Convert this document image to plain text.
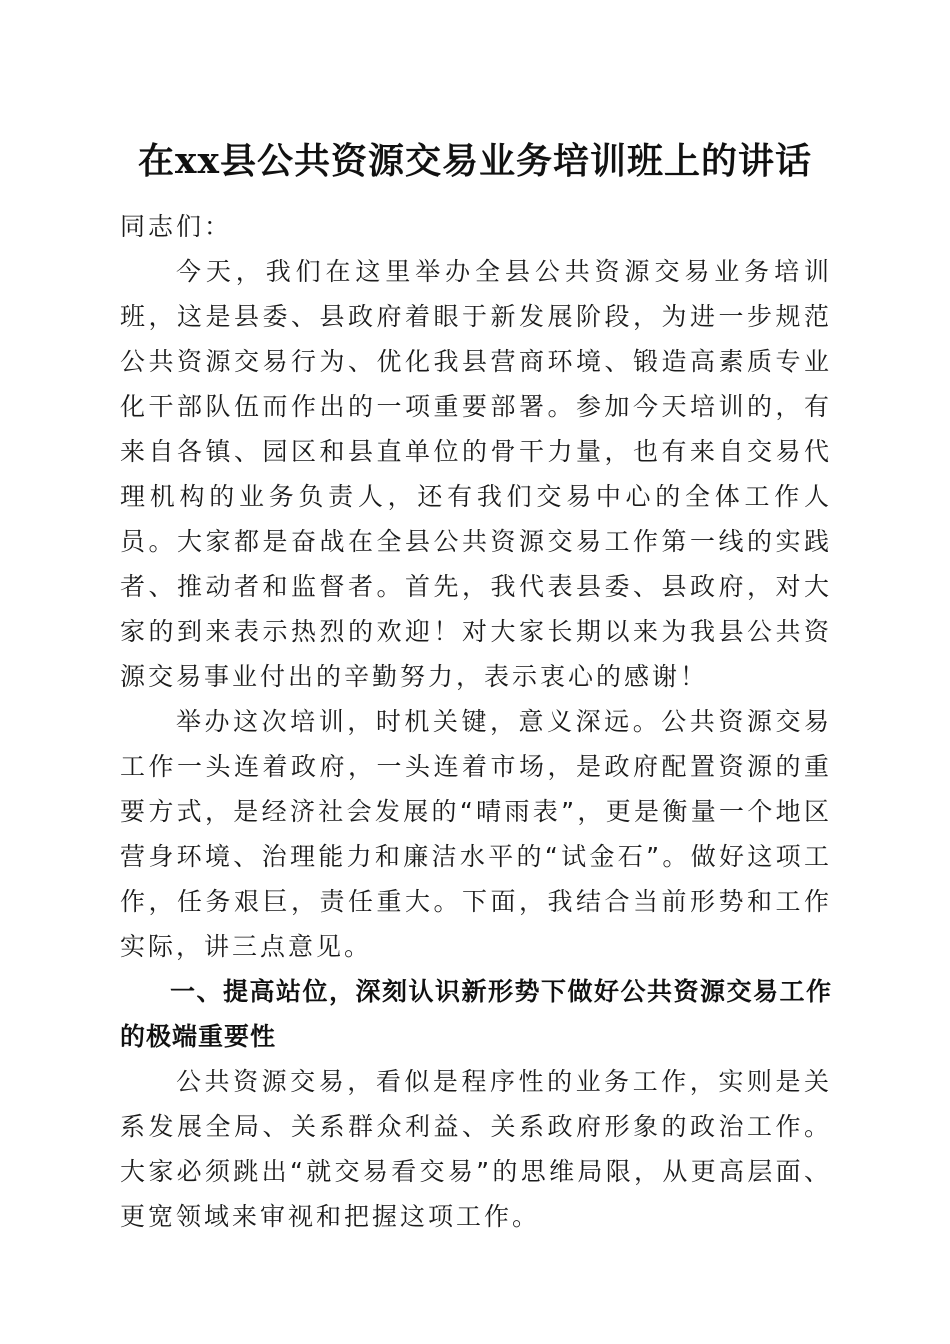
在xx县公共资源交易业务培训班上的讲话

同志们：

今天，我们在这里举办全县公共资源交易业务培训班，这是县委、县政府着眼于新发展阶段，为进一步规范公共资源交易行为、优化我县营商环境、锻造高素质专业化干部队伍而作出的一项重要部署。参加今天培训的，有来自各镇、园区和县直单位的骨干力量，也有来自交易代理机构的业务负责人，还有我们交易中心的全体工作人员。大家都是奋战在全县公共资源交易工作第一线的实践者、推动者和监督者。首先，我代表县委、县政府，对大家的到来表示热烈的欢迎！对大家长期以来为我县公共资源交易事业付出的辛勤努力，表示衷心的感谢！

举办这次培训，时机关键，意义深远。公共资源交易工作一头连着政府，一头连着市场，是政府配置资源的重要方式，是经济社会发展的“晴雨表”，更是衡量一个地区营身环境、治理能力和廉洁水平的“试金石”。做好这项工作，任务艰巨，责任重大。下面，我结合当前形势和工作实际，讲三点意见。

一、提高站位，深刻认识新形势下做好公共资源交易工作的极端重要性

公共资源交易，看似是程序性的业务工作，实则是关系发展全局、关系群众利益、关系政府形象的政治工作。大家必须跳出“就交易看交易”的思维局限，从更高层面、更宽领域来审视和把握这项工作。
